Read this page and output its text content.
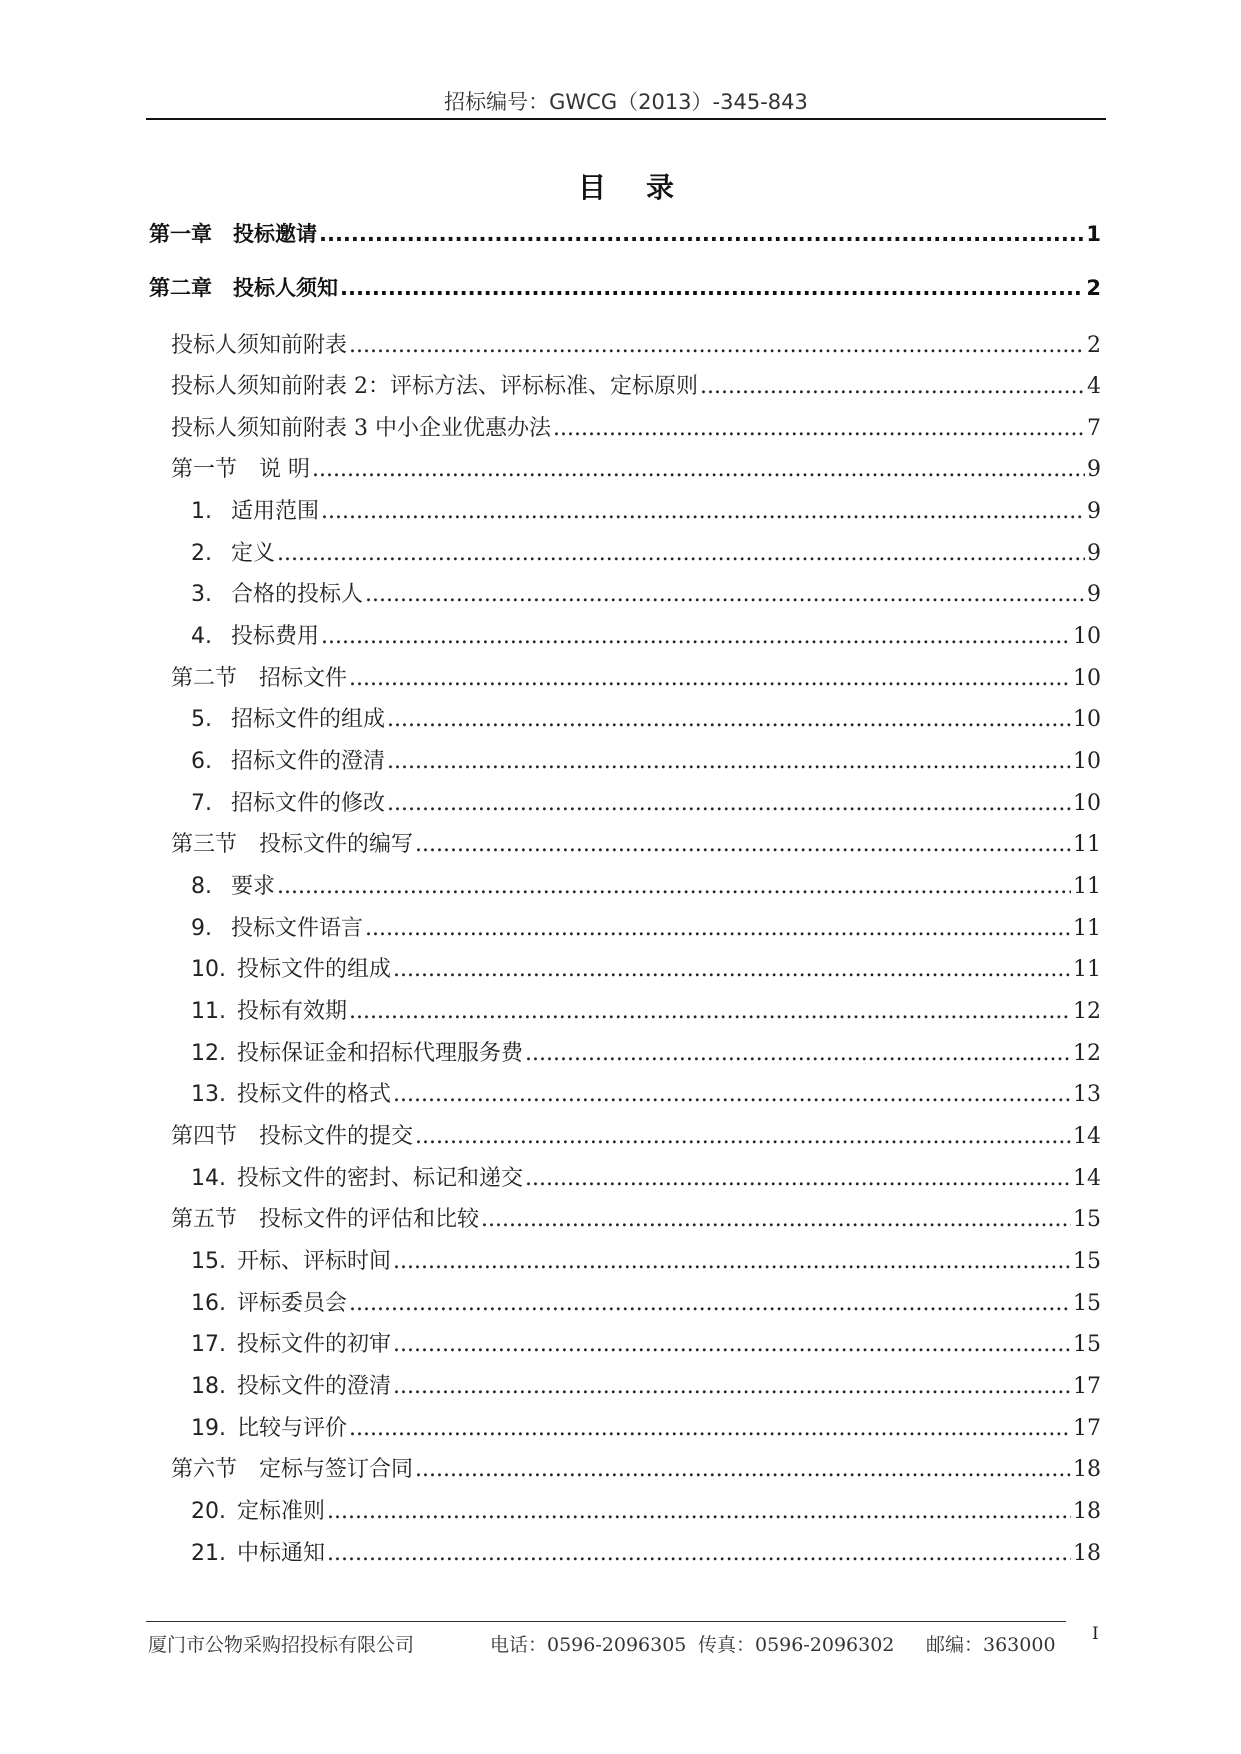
招标编号：GWCG（2013）-345-843
目录
第一章　投标邀请 .....	1
第二章　投标人须知 .....	2
投标人须知前附表 .....	2
投标人须知前附表 2：评标方法、评标标准、定标原则 .....	4
投标人须知前附表 3 中小企业优惠办法 .....	7
第一节　说 明 .....	9
1. 适用范围 .....	9
2. 定义 .....	9
3. 合格的投标人 .....	9
4. 投标费用 .....	10
第二节　招标文件 .....	10
5. 招标文件的组成 .....	10
6. 招标文件的澄清 .....	10
7. 招标文件的修改 .....	10
第三节　投标文件的编写 .....	11
8. 要求 .....	11
9. 投标文件语言 .....	11
10. 投标文件的组成 .....	11
11. 投标有效期 .....	12
12. 投标保证金和招标代理服务费 .....	12
13. 投标文件的格式 .....	13
第四节　投标文件的提交 .....	14
14. 投标文件的密封、标记和递交 .....	14
第五节　投标文件的评估和比较 .....	15
15. 开标、评标时间 .....	15
16. 评标委员会 .....	15
17. 投标文件的初审 .....	15
18. 投标文件的澄清 .....	17
19. 比较与评价 .....	17
第六节　定标与签订合同 .....	18
20. 定标准则 .....	18
21. 中标通知 .....	18
厦门市公物采购招投标有限公司	电话：0596-2096305 传真：0596-2096302 邮编：363000 I
